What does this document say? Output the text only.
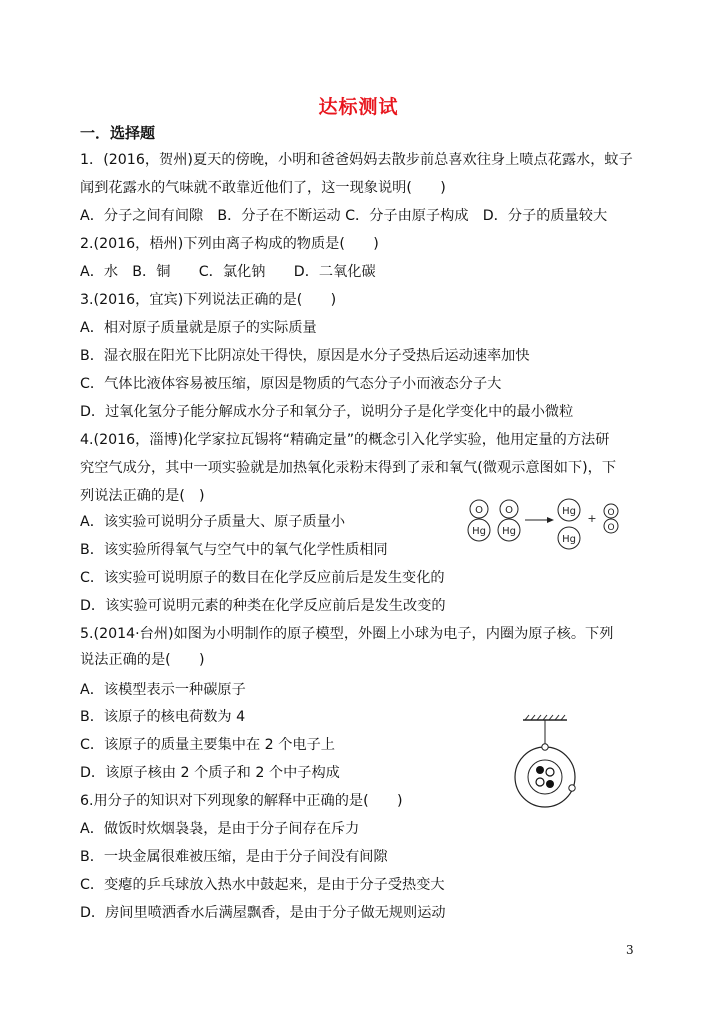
达标测试
一．选择题
1．(2016，贺州)夏天的傍晚，小明和爸爸妈妈去散步前总喜欢往身上喷点花露水，蚊子
闻到花露水的气味就不敢靠近他们了，这一现象说明(　　)
A．分子之间有间隙　B．分子在不断运动 C．分子由原子构成　D．分子的质量较大
2.(2016，梧州)下列由离子构成的物质是(　　)
A．水　B．铜　　C．氯化钠　　D．二氧化碳
3.(2016，宜宾)下列说法正确的是(　　)
A．相对原子质量就是原子的实际质量
B．湿衣服在阳光下比阴凉处干得快，原因是水分子受热后运动速率加快
C．气体比液体容易被压缩，原因是物质的气态分子小而液态分子大
D．过氧化氢分子能分解成水分子和氧分子，说明分子是化学变化中的最小微粒
4.(2016，淄博)化学家拉瓦锡将“精确定量”的概念引入化学实验，他用定量的方法研
究空气成分，其中一项实验就是加热氧化汞粉末得到了汞和氧气(微观示意图如下)，下
列说法正确的是(　)
A．该实验可说明分子质量大、原子质量小
B．该实验所得氧气与空气中的氧气化学性质相同
C．该实验可说明原子的数目在化学反应前后是发生变化的
D．该实验可说明元素的种类在化学反应前后是发生改变的
O
Hg
O
Hg
Hg
Hg
+ O
O
5.(2014·台州)如图为小明制作的原子模型，外圈上小球为电子，内圈为原子核。下列
说法正确的是(　　)
A．该模型表示一种碳原子
B．该原子的核电荷数为 4
C．该原子的质量主要集中在 2 个电子上
D．该原子核由 2 个质子和 2 个中子构成
6.用分子的知识对下列现象的解释中正确的是(　　)
A．做饭时炊烟袅袅，是由于分子间存在斥力
B．一块金属很难被压缩，是由于分子间没有间隙
C．变瘪的乒乓球放入热水中鼓起来，是由于分子受热变大
D．房间里喷洒香水后满屋飘香，是由于分子做无规则运动
3
